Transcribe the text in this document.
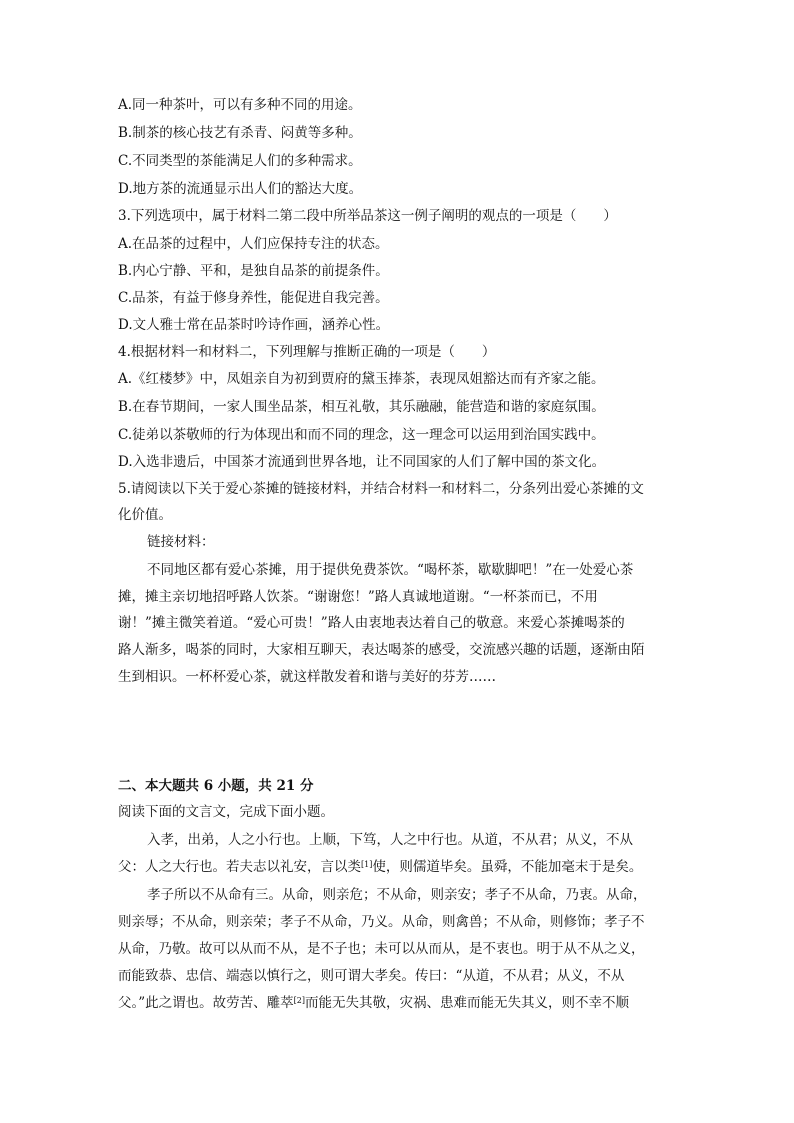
A.同一种茶叶，可以有多种不同的用途。
B.制茶的核心技艺有杀青、闷黄等多种。
C.不同类型的茶能满足人们的多种需求。
D.地方茶的流通显示出人们的豁达大度。
3.下列选项中，属于材料二第二段中所举品茶这一例子阐明的观点的一项是（　　）
A.在品茶的过程中，人们应保持专注的状态。
B.内心宁静、平和，是独自品茶的前提条件。
C.品茶，有益于修身养性，能促进自我完善。
D.文人雅士常在品茶时吟诗作画，涵养心性。
4.根据材料一和材料二，下列理解与推断正确的一项是（　　）
A.《红楼梦》中，凤姐亲自为初到贾府的黛玉捧茶，表现凤姐豁达而有齐家之能。
B.在春节期间，一家人围坐品茶，相互礼敬，其乐融融，能营造和谐的家庭氛围。
C.徒弟以茶敬师的行为体现出和而不同的理念，这一理念可以运用到治国实践中。
D.入选非遗后，中国茶才流通到世界各地，让不同国家的人们了解中国的茶文化。
5.请阅读以下关于爱心茶摊的链接材料，并结合材料一和材料二，分条列出爱心茶摊的文
化价值。
链接材料：
不同地区都有爱心茶摊，用于提供免费茶饮。“喝杯茶，歇歇脚吧！”在一处爱心茶
摊，摊主亲切地招呼路人饮茶。“谢谢您！”路人真诚地道谢。“一杯茶而已，不用
谢！”摊主微笑着道。“爱心可贵！”路人由衷地表达着自己的敬意。来爱心茶摊喝茶的
路人渐多，喝茶的同时，大家相互聊天，表达喝茶的感受，交流感兴趣的话题，逐渐由陌
生到相识。一杯杯爱心茶，就这样散发着和谐与美好的芬芳……
二、本大题共 6 小题，共 21 分
阅读下面的文言文，完成下面小题。
入孝，出弟，人之小行也。上顺，下笃，人之中行也。从道，不从君；从义，不从
父：人之大行也。若夫志以礼安，言以类[1]使，则儒道毕矣。虽舜，不能加毫末于是矣。
孝子所以不从命有三。从命，则亲危；不从命，则亲安；孝子不从命，乃衷。从命，
则亲辱；不从命，则亲荣；孝子不从命，乃义。从命，则禽兽；不从命，则修饰；孝子不
从命，乃敬。故可以从而不从，是不子也；未可以从而从，是不衷也。明于从不从之义，
而能致恭、忠信、端悫以慎行之，则可谓大孝矣。传曰：“从道，不从君；从义，不从
父。”此之谓也。故劳苦、雕萃[2]而能无失其敬，灾祸、患难而能无失其义，则不幸不顺
